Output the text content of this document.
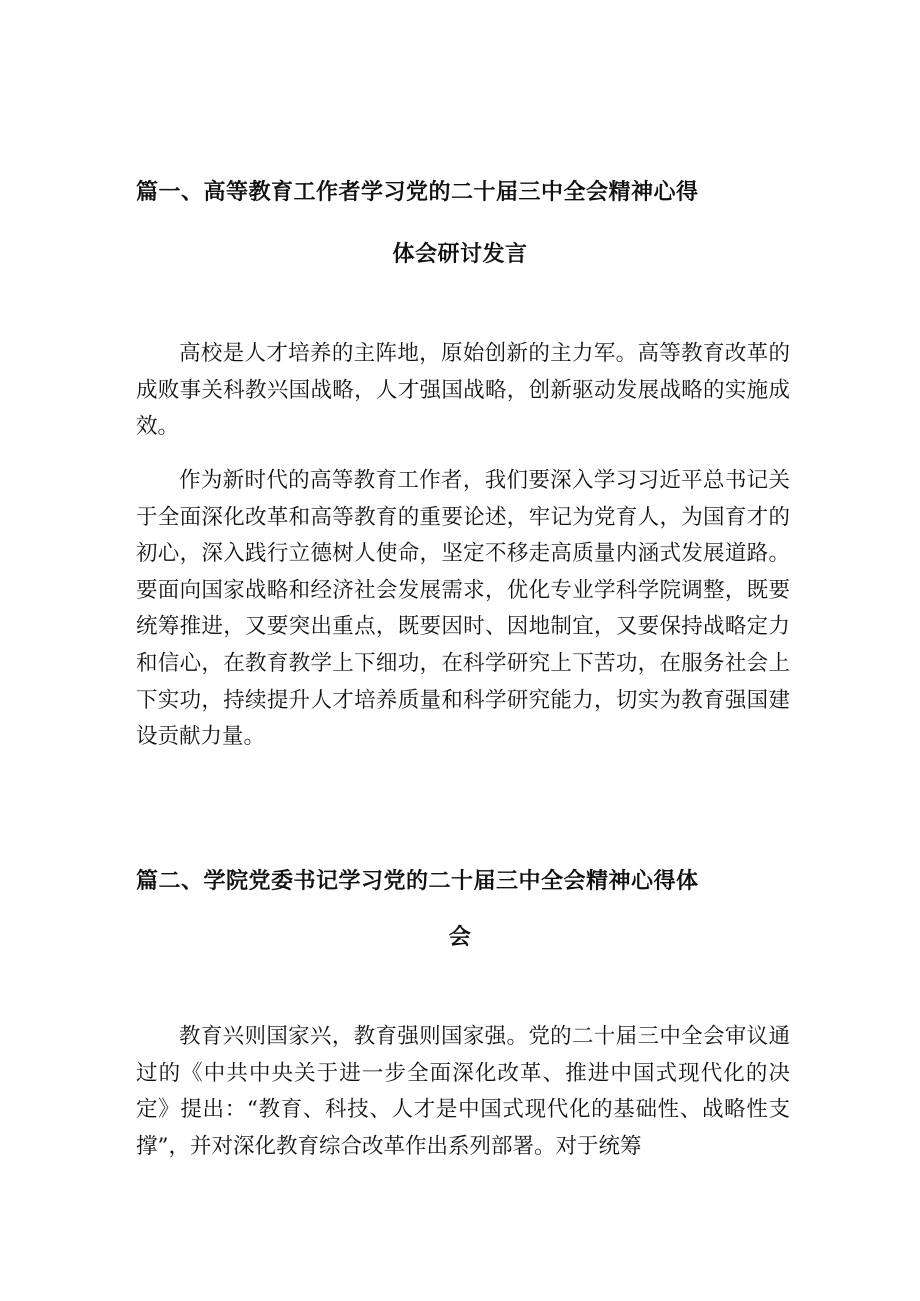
篇一、高等教育工作者学习党的二十届三中全会精神心得
体会研讨发言

高校是人才培养的主阵地，原始创新的主力军。高等教育改革的成败事关科教兴国战略，人才强国战略，创新驱动发展战略的实施成效。

作为新时代的高等教育工作者，我们要深入学习习近平总书记关于全面深化改革和高等教育的重要论述，牢记为党育人，为国育才的初心，深入践行立德树人使命，坚定不移走高质量内涵式发展道路。要面向国家战略和经济社会发展需求，优化专业学科学院调整，既要统筹推进，又要突出重点，既要因时、因地制宜，又要保持战略定力和信心，在教育教学上下细功，在科学研究上下苦功，在服务社会上下实功，持续提升人才培养质量和科学研究能力，切实为教育强国建设贡献力量。

篇二、学院党委书记学习党的二十届三中全会精神心得体
会

教育兴则国家兴，教育强则国家强。党的二十届三中全会审议通过的《中共中央关于进一步全面深化改革、推进中国式现代化的决定》提出：“教育、科技、人才是中国式现代化的基础性、战略性支撑”，并对深化教育综合改革作出系列部署。对于统筹
